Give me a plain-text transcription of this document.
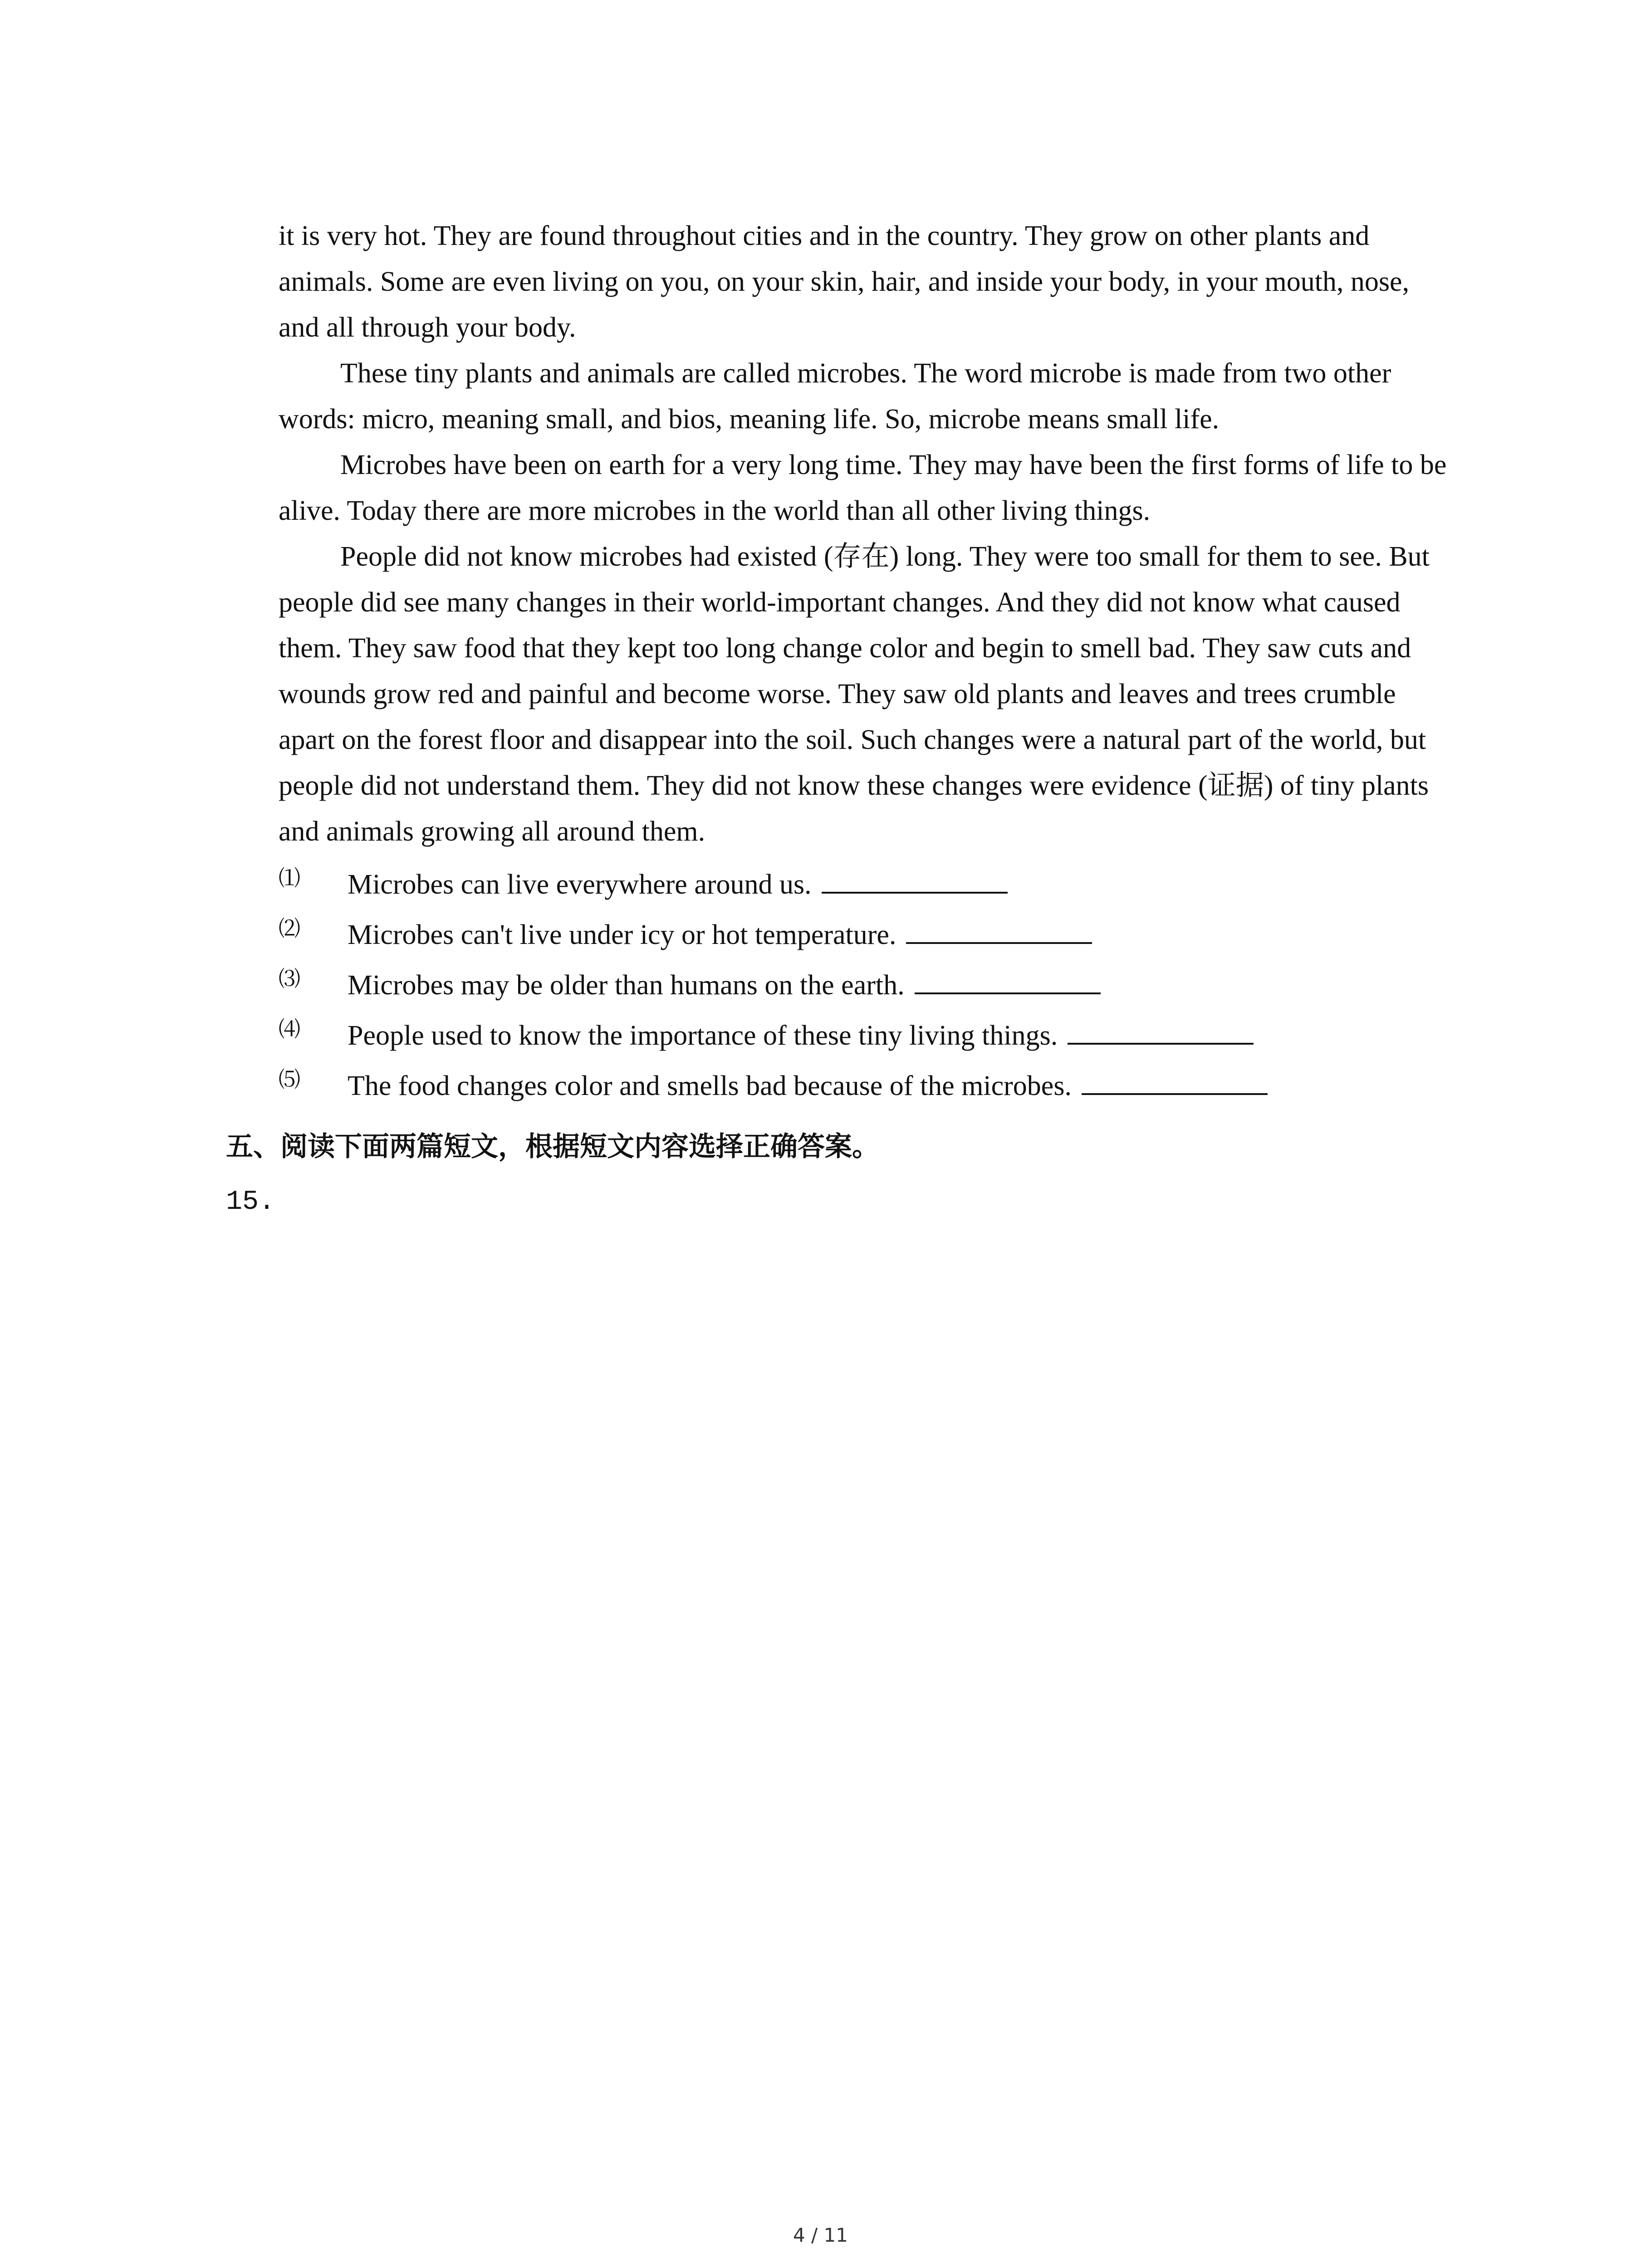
it is very hot. They are found throughout cities and in the country. They grow on other plants and animals. Some are even living on you, on your skin, hair, and inside your body, in your mouth, nose, and all through your body.

These tiny plants and animals are called microbes. The word microbe is made from two other words: micro, meaning small, and bios, meaning life. So, microbe means small life.

Microbes have been on earth for a very long time. They may have been the first forms of life to be alive. Today there are more microbes in the world than all other living things.

People did not know microbes had existed (存在) long. They were too small for them to see. But people did see many changes in their world-important changes. And they did not know what caused them. They saw food that they kept too long change color and begin to smell bad. They saw cuts and wounds grow red and painful and become worse. They saw old plants and leaves and trees crumble apart on the forest floor and disappear into the soil. Such changes were a natural part of the world, but people did not understand them. They did not know these changes were evidence (证据) of tiny plants and animals growing all around them.

⑴ Microbes can live everywhere around us.
⑵ Microbes can't live under icy or hot temperature.
⑶ Microbes may be older than humans on the earth.
⑷ People used to know the importance of these tiny living things.
⑸ The food changes color and smells bad because of the microbes.
五、阅读下面两篇短文，根据短文内容选择正确答案。
15.
4 / 11
